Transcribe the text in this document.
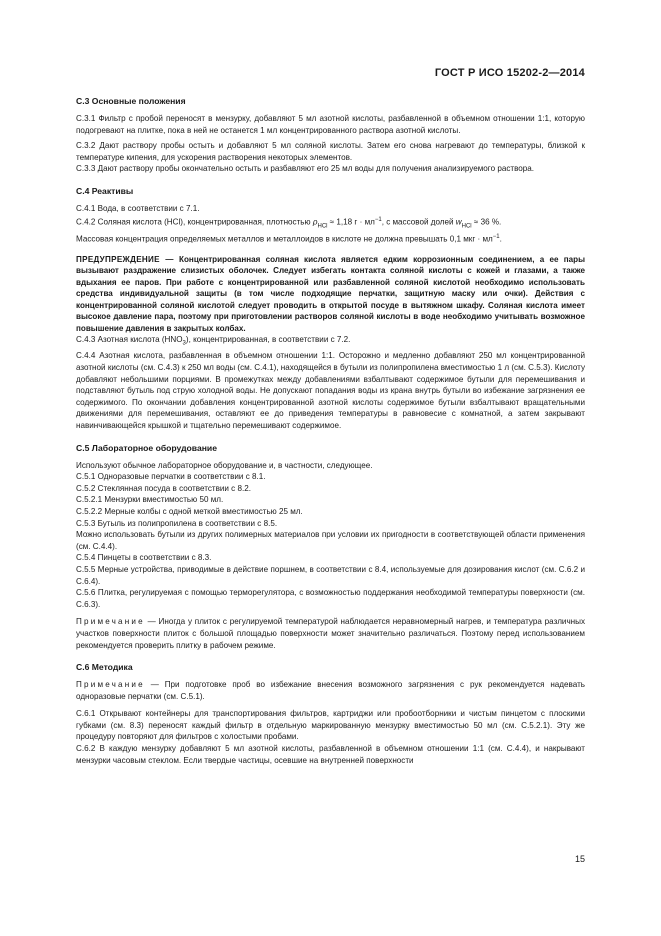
ГОСТ Р ИСО 15202-2—2014
С.3 Основные положения
С.3.1 Фильтр с пробой переносят в мензурку, добавляют 5 мл азотной кислоты, разбавленной в объемном отношении 1:1, которую подогревают на плитке, пока в ней не останется 1 мл концентрированного раствора азотной кислоты.
С.3.2 Дают раствору пробы остыть и добавляют 5 мл соляной кислоты. Затем его снова нагревают до температуры, близкой к температуре кипения, для ускорения растворения некоторых элементов.
С.3.3 Дают раствору пробы окончательно остыть и разбавляют его 25 мл воды для получения анализируемого раствора.
С.4 Реактивы
С.4.1 Вода, в соответствии с 7.1.
С.4.2 Соляная кислота (HCl), концентрированная, плотностью $\rho_{HCl} \approx 1,18$ $г \cdot мл^{-1}$, с массовой долей $w_{HCl} \approx 36$ %.
Массовая концентрация определяемых металлов и металлоидов в кислоте не должна превышать 0,1 мкг · $мл^{-1}$.
ПРЕДУПРЕЖДЕНИЕ — Концентрированная соляная кислота является едким коррозионным соединением, а ее пары вызывают раздражение слизистых оболочек. Следует избегать контакта соляной кислоты с кожей и глазами, а также вдыхания ее паров. При работе с концентрированной или разбавленной соляной кислотой необходимо использовать средства индивидуальной защиты (в том числе подходящие перчатки, защитную маску или очки). Действия с концентрированной соляной кислотой следует проводить в открытой посуде в вытяжном шкафу. Соляная кислота имеет высокое давление пара, поэтому при приготовлении растворов соляной кислоты в воде необходимо учитывать возможное повышение давления в закрытых колбах.
С.4.3 Азотная кислота $(HNO_3)$, концентрированная, в соответствии с 7.2.
С.4.4 Азотная кислота, разбавленная в объемном отношении 1:1. Осторожно и медленно добавляют 250 мл концентрированной азотной кислоты (см. С.4.3) к 250 мл воды (см. С.4.1), находящейся в бутыли из полипропилена вместимостью 1 л (см. С.5.3). Кислоту добавляют небольшими порциями. В промежутках между добавлениями взбалтывают содержимое бутыли для перемешивания и подставляют бутыль под струю холодной воды. Не допускают попадания воды из крана внутрь бутыли во избежание загрязнения ее содержимого. По окончании добавления концентрированной азотной кислоты содержимое бутыли взбалтывают вращательными движениями для перемешивания, оставляют ее до приведения температуры в равновесие с комнатной, а затем закрывают навинчивающейся крышкой и тщательно перемешивают содержимое.
С.5 Лабораторное оборудование
Используют обычное лабораторное оборудование и, в частности, следующее.
С.5.1 Одноразовые перчатки в соответствии с 8.1.
С.5.2 Стеклянная посуда в соответствии с 8.2.
С.5.2.1 Мензурки вместимостью 50 мл.
С.5.2.2 Мерные колбы с одной меткой вместимостью 25 мл.
С.5.3 Бутыль из полипропилена в соответствии с 8.5.
Можно использовать бутыли из других полимерных материалов при условии их пригодности в соответствующей области применения (см. С.4.4).
С.5.4 Пинцеты в соответствии с 8.3.
С.5.5 Мерные устройства, приводимые в действие поршнем, в соответствии с 8.4, используемые для дозирования кислот (см. С.6.2 и С.6.4).
С.5.6 Плитка, регулируемая с помощью терморегулятора, с возможностью поддержания необходимой температуры поверхности (см. С.6.3).
Примечание — Иногда у плиток с регулируемой температурой наблюдается неравномерный нагрев, и температура различных участков поверхности плиток с большой площадью поверхности может значительно различаться. Поэтому перед использованием рекомендуется проверить плитку в рабочем режиме.
С.6 Методика
Примечание — При подготовке проб во избежание внесения возможного загрязнения с рук рекомендуется надевать одноразовые перчатки (см. С.5.1).
С.6.1 Открывают контейнеры для транспортирования фильтров, картриджи или пробоотборники и чистым пинцетом с плоскими губками (см. 8.3) переносят каждый фильтр в отдельную маркированную мензурку вместимостью 50 мл (см. С.5.2.1). Эту же процедуру повторяют для фильтров с холостыми пробами.
С.6.2 В каждую мензурку добавляют 5 мл азотной кислоты, разбавленной в объемном отношении 1:1 (см. С.4.4), и накрывают мензурки часовым стеклом. Если твердые частицы, осевшие на внутренней поверхности
15
